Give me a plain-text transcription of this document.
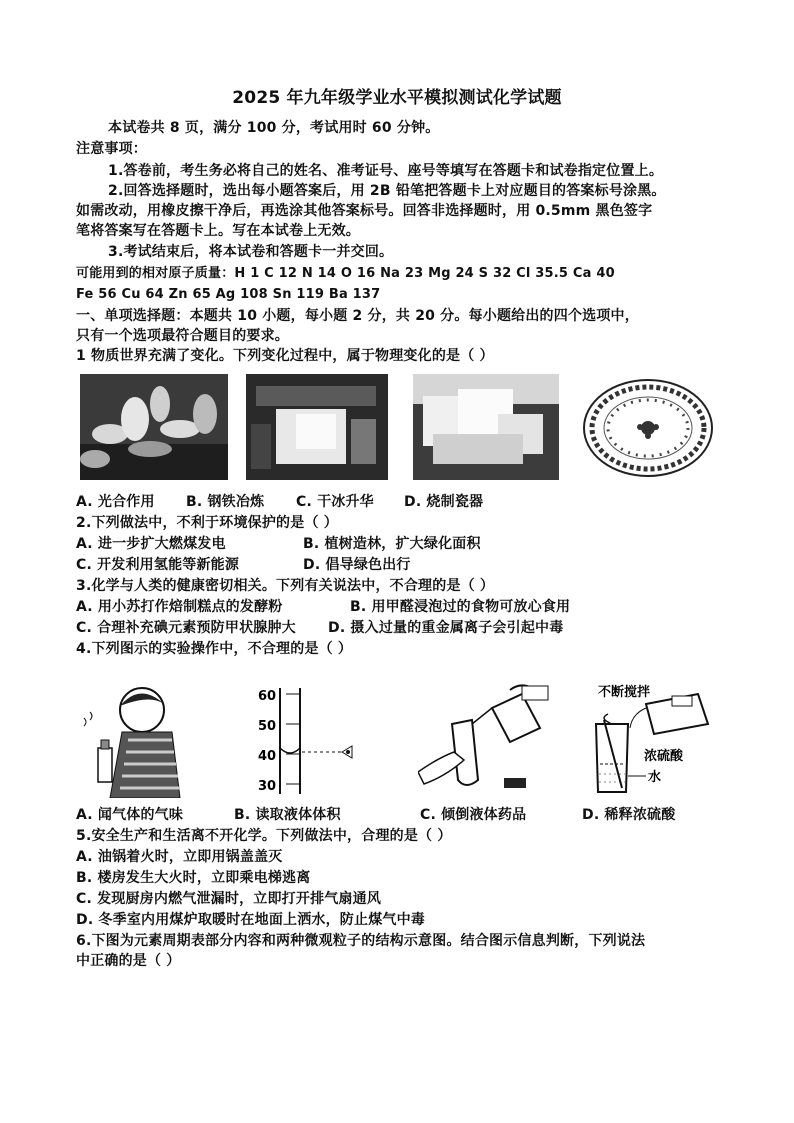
2025 年九年级学业水平模拟测试化学试题
本试卷共 8 页，满分 100 分，考试用时 60 分钟。
注意事项：
1.答卷前，考生务必将自己的姓名、准考证号、座号等填写在答题卡和试卷指定位置上。
2.回答选择题时，选出每小题答案后，用 2B 铅笔把答题卡上对应题目的答案标号涂黑。
如需改动，用橡皮擦干净后，再选涂其他答案标号。回答非选择题时，用 0.5mm 黑色签字
笔将答案写在答题卡上。写在本试卷上无效。
3.考试结束后，将本试卷和答题卡一并交回。
可能用到的相对原子质量：H 1 C 12 N 14 O 16 Na 23 Mg 24 S 32 Cl 35.5 Ca 40
Fe 56 Cu 64 Zn 65 Ag 108 Sn 119 Ba 137
一、单项选择题：本题共 10 小题，每小题 2 分，共 20 分。每小题给出的四个选项中，
只有一个选项最符合题目的要求。
1 物质世界充满了变化。下列变化过程中，属于物理变化的是（ ）
A. 光合作用 B. 钢铁冶炼 C. 干冰升华 D. 烧制瓷器
2.下列做法中，不利于环境保护的是（ ）
A. 进一步扩大燃煤发电	B. 植树造林，扩大绿化面积
C. 开发利用氢能等新能源	D. 倡导绿色出行
3.化学与人类的健康密切相关。下列有关说法中，不合理的是（ ）
A. 用小苏打作焙制糕点的发酵粉	B. 用甲醛浸泡过的食物可放心食用
C. 合理补充碘元素预防甲状腺肿大 D. 摄入过量的重金属离子会引起中毒
4.下列图示的实验操作中，不合理的是（ ）
60
50
40
30
不断搅拌
浓硫酸
水
A. 闻气体的气味	B. 读取液体体积	C. 倾倒液体药品	D. 稀释浓硫酸
5.安全生产和生活离不开化学。下列做法中，合理的是（ ）
A. 油锅着火时，立即用锅盖盖灭
B. 楼房发生大火时，立即乘电梯逃离
C. 发现厨房内燃气泄漏时，立即打开排气扇通风
D. 冬季室内用煤炉取暖时在地面上洒水，防止煤气中毒
6.下图为元素周期表部分内容和两种微观粒子的结构示意图。结合图示信息判断，下列说法
中正确的是（ ）
